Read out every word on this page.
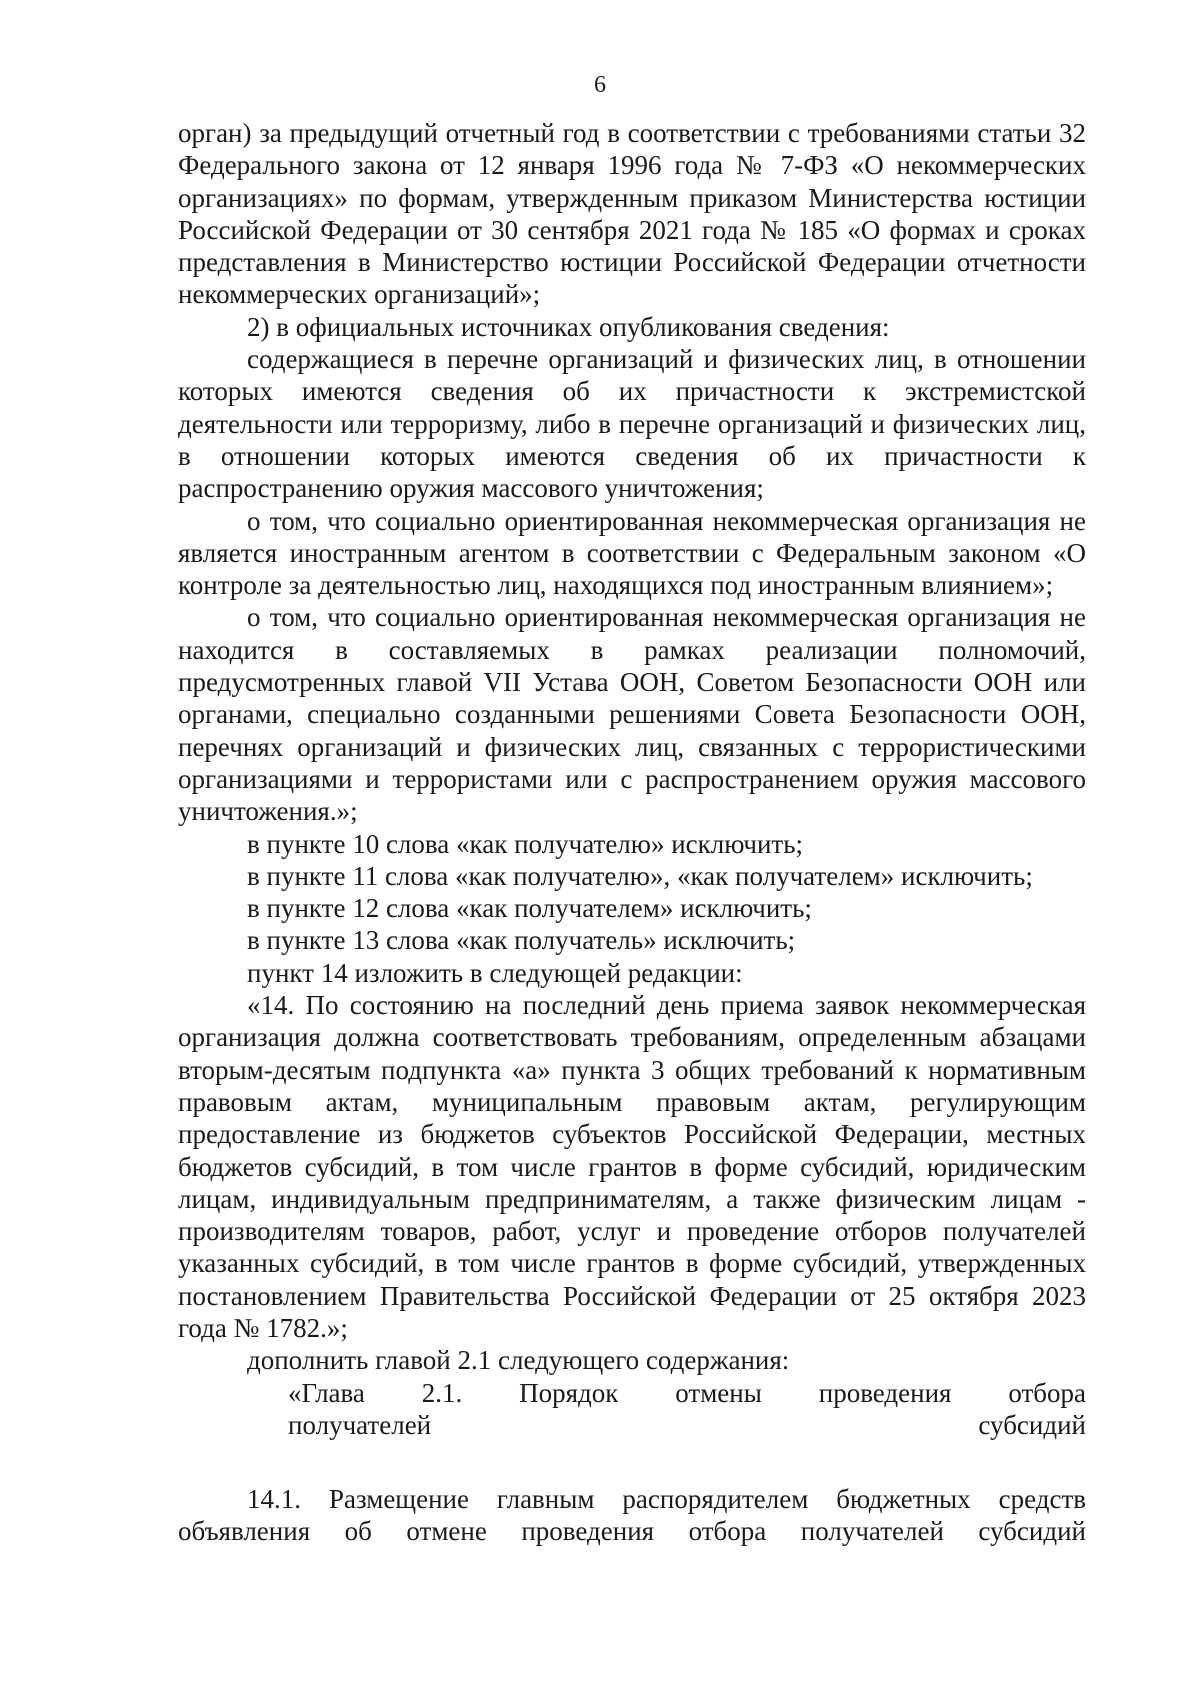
6

орган) за предыдущий отчетный год в соответствии с требованиями статьи 32 Федерального закона от 12 января 1996 года № 7-ФЗ «О некоммерческих организациях» по формам, утвержденным приказом Министерства юстиции Российской Федерации от 30 сентября 2021 года № 185 «О формах и сроках представления в Министерство юстиции Российской Федерации отчетности некоммерческих организаций»;

2) в официальных источниках опубликования сведения:

содержащиеся в перечне организаций и физических лиц, в отношении которых имеются сведения об их причастности к экстремистской деятельности или терроризму, либо в перечне организаций и физических лиц, в отношении которых имеются сведения об их причастности к распространению оружия массового уничтожения;

о том, что социально ориентированная некоммерческая организация не является иностранным агентом в соответствии с Федеральным законом «О контроле за деятельностью лиц, находящихся под иностранным влиянием»;

о том, что социально ориентированная некоммерческая организация не находится в составляемых в рамках реализации полномочий, предусмотренных главой VII Устава ООН, Советом Безопасности ООН или органами, специально созданными решениями Совета Безопасности ООН, перечнях организаций и физических лиц, связанных с террористическими организациями и террористами или с распространением оружия массового уничтожения.»;

в пункте 10 слова «как получателю» исключить;

в пункте 11 слова «как получателю», «как получателем» исключить;

в пункте 12 слова «как получателем» исключить;

в пункте 13 слова «как получатель» исключить;

пункт 14 изложить в следующей редакции:

«14. По состоянию на последний день приема заявок некоммерческая организация должна соответствовать требованиям, определенным абзацами вторым-десятым подпункта «а» пункта 3 общих требований к нормативным правовым актам, муниципальным правовым актам, регулирующим предоставление из бюджетов субъектов Российской Федерации, местных бюджетов субсидий, в том числе грантов в форме субсидий, юридическим лицам, индивидуальным предпринимателям, а также физическим лицам - производителям товаров, работ, услуг и проведение отборов получателей указанных субсидий, в том числе грантов в форме субсидий, утвержденных постановлением Правительства Российской Федерации от 25 октября 2023 года № 1782.»;

дополнить главой 2.1 следующего содержания:

«Глава 2.1. Порядок отмены проведения отбора

получателей субсидий

14.1. Размещение главным распорядителем бюджетных средств объявления об отмене проведения отбора получателей субсидий
